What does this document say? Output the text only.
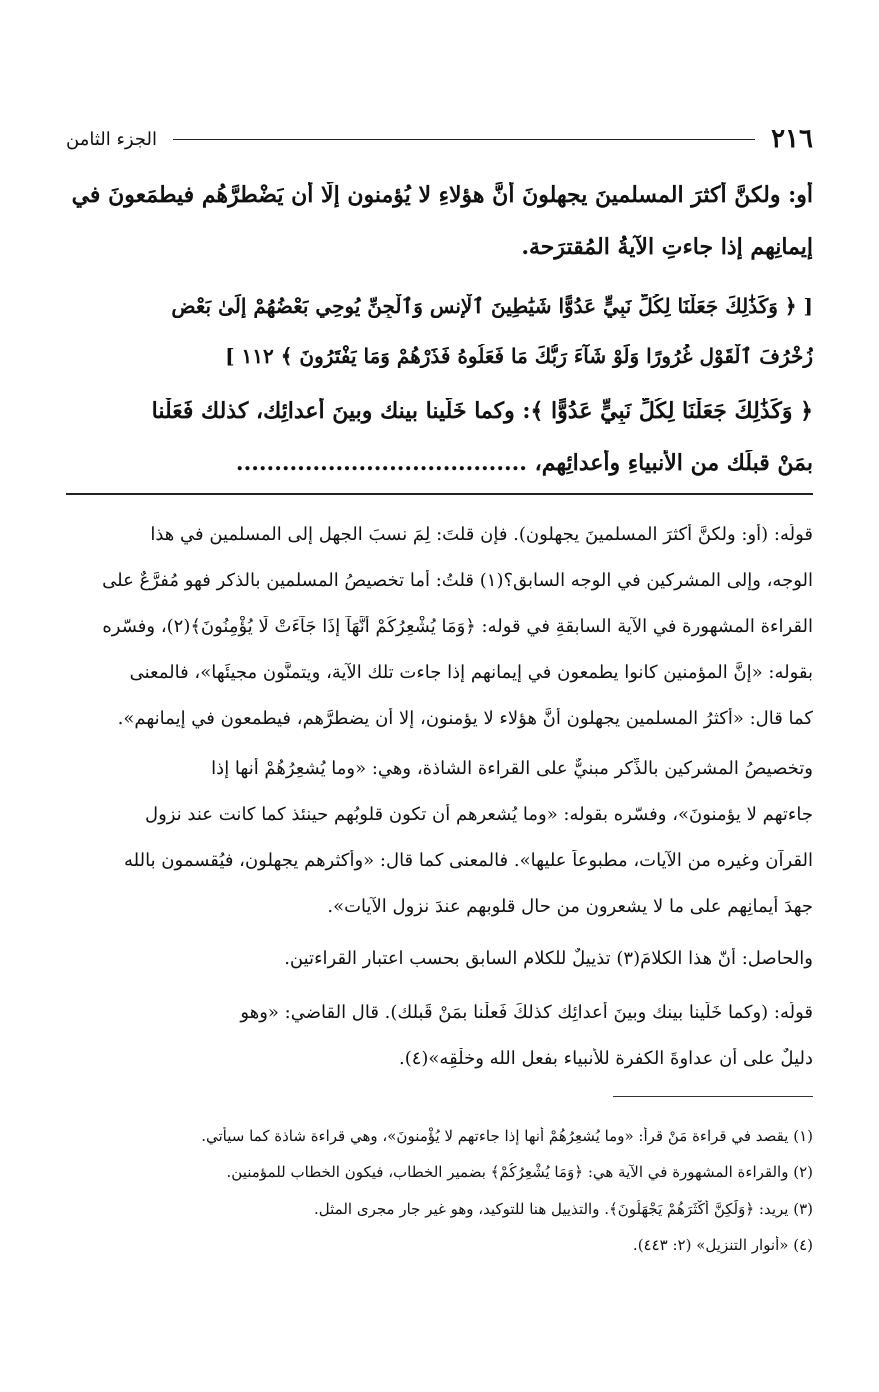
٢١٦
الجزء الثامن
أو: ولكنَّ أكثرَ المسلمينَ يجهلونَ أنَّ هؤلاءِ لا يُؤمنون إلّا أن يَضْطرَّهُم فيطمَعونَ في
إيمانِهم إذا جاءتِ الآيةُ المُقترَحة.
[ ﴿ وَكَذَٰلِكَ جَعَلْنَا لِكُلِّ نَبِيٍّ عَدُوًّا شَيَٰطِينَ ٱلْإِنسِ وَٱلْجِنِّ يُوحِي بَعْضُهُمْ إِلَىٰ بَعْضٍ
زُخْرُفَ ٱلْقَوْلِ غُرُورًا وَلَوْ شَآءَ رَبُّكَ مَا فَعَلُوهُ فَذَرْهُمْ وَمَا يَفْتَرُونَ ﴾ ١١٢ ]
﴿ وَكَذَٰلِكَ جَعَلْنَا لِكُلِّ نَبِيٍّ عَدُوًّا ﴾: وكما خَلَّينا بينك وبينَ أعدائِك، كذلك فَعَلْنا
بمَنْ قبلَك من الأنبياءِ وأعدائِهم، ......................................
قولُه: (أو: ولكنَّ أكثرَ المسلمينَ يجهلون). فإن قلتَ: لِمَ نسبَ الجهل إلى المسلمين في هذا
الوجه، وإلى المشركين في الوجه السابق؟(١) قلتُ: أما تخصيصُ المسلمين بالذكر فهو مُفرَّعٌ على
القراءة المشهورة في الآية السابقةِ في قوله: ﴿وَمَا يُشْعِرُكُمْ أَنَّهَآ إِذَا جَآءَتْ لَا يُؤْمِنُونَ﴾(٢)، وفسّره
بقوله: «إنَّ المؤمنين كانوا يطمعون في إيمانهم إذا جاءت تلك الآية، ويتمنَّون مجيئَها»، فالمعنى
كما قال: «أكثرُ المسلمين يجهلون أنَّ هؤلاء لا يؤمنون، إلا أن يضطرَّهم، فيطمعون في إيمانهم».
وتخصيصُ المشركين بالذِّكر مبنيٌّ على القراءة الشاذة، وهي: «وما يُشعِرُهُمْ أنها إذا
جاءتهم لا يؤمنونَ»، وفسّره بقوله: «وما يُشعرهم أن تكون قلوبُهم حينئذ كما كانت عند نزول
القرآن وغيرِه من الآيات، مطبوعاً عليها». فالمعنى كما قال: «وأكثرهم يجهلون، فيُقسمون بالله
جهدَ أيمانِهم على ما لا يشعرون من حال قلوبهم عندَ نزول الآيات».
والحاصل: أنّ هذا الكلامَ(٣) تذييلٌ للكلام السابق بحسب اعتبار القراءتين.
قولُه: (وكما خَلَّينا بينك وبينَ أعدائِك كذلكَ فَعلْنا بمَنْ قَبلك). قال القاضي: «وهو
دليلٌ على أن عداوةَ الكفرة للأنبياء بفعل الله وخلْقِه»(٤).
(١) يقصد في قراءة مَنْ قرأ: «وما يُشعِرُهُمْ أنها إذا جاءتهم لا يُؤْمنونَ»، وهي قراءة شاذة كما سيأتي.
(٢) والقراءة المشهورة في الآية هي: ﴿وَمَا يُشْعِرُكُمْ﴾ بضمير الخطاب، فيكون الخطاب للمؤمنين.
(٣) يريد: ﴿وَلَٰكِنَّ أَكْثَرَهُمْ يَجْهَلُونَ﴾. والتذييل هنا للتوكيد، وهو غير جار مجرى المثل.
(٤) «أنوار التنزيل» (٢: ٤٤٣).
